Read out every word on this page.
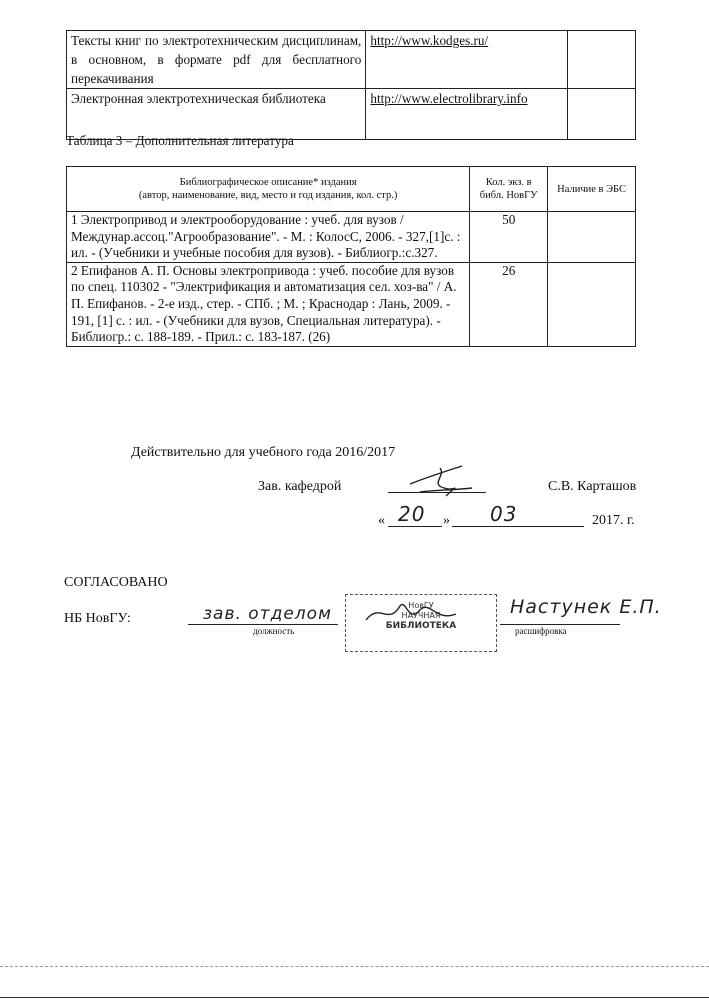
Тексты книг по электротехническим дисциплинам, в основном, в формате pdf для бесплатного перекачивания	http://www.kodges.ru/	
Электронная электротехническая библиотека	http://www.electrolibrary.info	
Таблица 3 – Дополнительная литература
Библиографическое описание* издания
(автор, наименование, вид, место и год издания, кол. стр.)	Кол. экз. в библ. НовГУ	Наличие в ЭБС
1 Электропривод и электрооборудование : учеб. для вузов / Междунар.ассоц."Агрообразование". - М. : КолосС, 2006. - 327,[1]с. : ил. - (Учебники и учебные пособия для вузов). - Библиогр.:с.327.	50	
2 Епифанов А. П. Основы электропривода : учеб. пособие для вузов по спец. 110302 - "Электрификация и автоматизация сел. хоз-ва" / А. П. Епифанов. - 2-е изд., стер. - СПб. ; М. ; Краснодар : Лань, 2009. - 191, [1] с. : ил. - (Учебники для вузов, Специальная литература). - Библиогр.: с. 188-189. - Прил.: с. 183-187. (26)	26	
Действительно для учебного года 2016/2017
Зав. кафедрой	С.В. Карташов
« 20 » 03	2017. г.
СОГЛАСОВАНО
НБ НовГУ:	зав. отделом
должность
НовГУ
НАУЧНАЯ
БИБЛИОТЕКА
Настунек Е.П.
расшифровка
